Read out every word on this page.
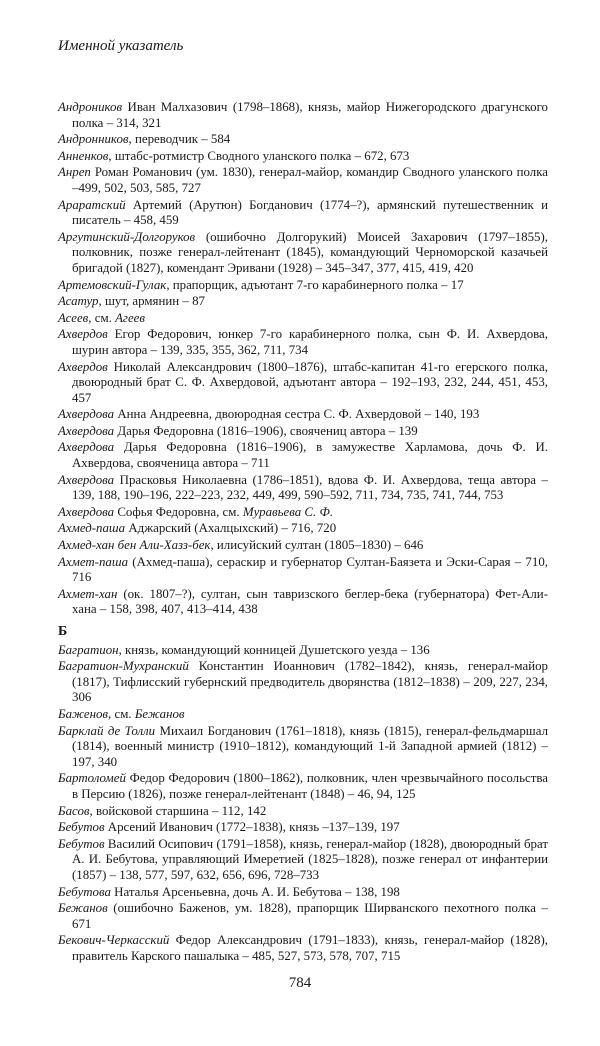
Именной указатель
Андроников Иван Малхазович (1798–1868), князь, майор Нижегородского драгунского полка – 314, 321
Андронников, переводчик – 584
Анненков, штабс-ротмистр Сводного уланского полка – 672, 673
Анреп Роман Романович (ум. 1830), генерал-майор, командир Сводного уланского полка –499, 502, 503, 585, 727
Араратский Артемий (Арутюн) Богданович (1774–?), армянский путешественник и писатель – 458, 459
Аргутинский-Долгоруков (ошибочно Долгорукий) Моисей Захарович (1797–1855), полковник, позже генерал-лейтенант (1845), командующий Черноморской казачьей бригадой (1827), комендант Эривани (1928) – 345–347, 377, 415, 419, 420
Артемовский-Гулак, прапорщик, адъютант 7-го карабинерного полка – 17
Асатур, шут, армянин – 87
Асеев, см. Агеев
Ахвердов Егор Федорович, юнкер 7-го карабинерного полка, сын Ф. И. Ахвердова, шурин автора – 139, 335, 355, 362, 711, 734
Ахвердов Николай Александрович (1800–1876), штабс-капитан 41-го егерского полка, двоюродный брат С. Ф. Ахвердовой, адъютант автора – 192–193, 232, 244, 451, 453, 457
Ахвердова Анна Андреевна, двоюродная сестра С. Ф. Ахвердовой – 140, 193
Ахвердова Дарья Федоровна (1816–1906), своячениц автора – 139
Ахвердова Дарья Федоровна (1816–1906), в замужестве Харламова, дочь Ф. И. Ахвердова, свояченица автора – 711
Ахвердова Прасковья Николаевна (1786–1851), вдова Ф. И. Ахвердова, теща автора – 139, 188, 190–196, 222–223, 232, 449, 499, 590–592, 711, 734, 735, 741, 744, 753
Ахвердова Софья Федоровна, см. Муравьева С. Ф.
Ахмед-паша Аджарский (Ахалцыхский) – 716, 720
Ахмед-хан бен Али-Хазз-бек, илисуйский султан (1805–1830) – 646
Ахмет-паша (Ахмед-паша), сераскир и губернатор Султан-Баязета и Эски-Сарая – 710, 716
Ахмет-хан (ок. 1807–?), султан, сын тавризского беглер-бека (губернатора) Фет-Али-хана – 158, 398, 407, 413–414, 438
Б
Багратион, князь, командующий конницей Душетского уезда – 136
Багратион-Мухранский Константин Иоаннович (1782–1842), князь, генерал-майор (1817), Тифлисский губернский предводитель дворянства (1812–1838) – 209, 227, 234, 306
Баженов, см. Бежанов
Барклай де Толли Михаил Богданович (1761–1818), князь (1815), генерал-фельдмаршал (1814), военный министр (1910–1812), командующий 1-й Западной армией (1812) – 197, 340
Бартоломей Федор Федорович (1800–1862), полковник, член чрезвычайного посольства в Персию (1826), позже генерал-лейтенант (1848) – 46, 94, 125
Басов, войсковой старшина – 112, 142
Бебутов Арсений Иванович (1772–1838), князь –137–139, 197
Бебутов Василий Осипович (1791–1858), князь, генерал-майор (1828), двоюродный брат А. И. Бебутова, управляющий Имеретией (1825–1828), позже генерал от инфантерии (1857) – 138, 577, 597, 632, 656, 696, 728–733
Бебутова Наталья Арсеньевна, дочь А. И. Бебутова – 138, 198
Бежанов (ошибочно Баженов, ум. 1828), прапорщик Ширванского пехотного полка – 671
Бекович-Черкасский Федор Александрович (1791–1833), князь, генерал-майор (1828), правитель Карского пашалыка – 485, 527, 573, 578, 707, 715
784
